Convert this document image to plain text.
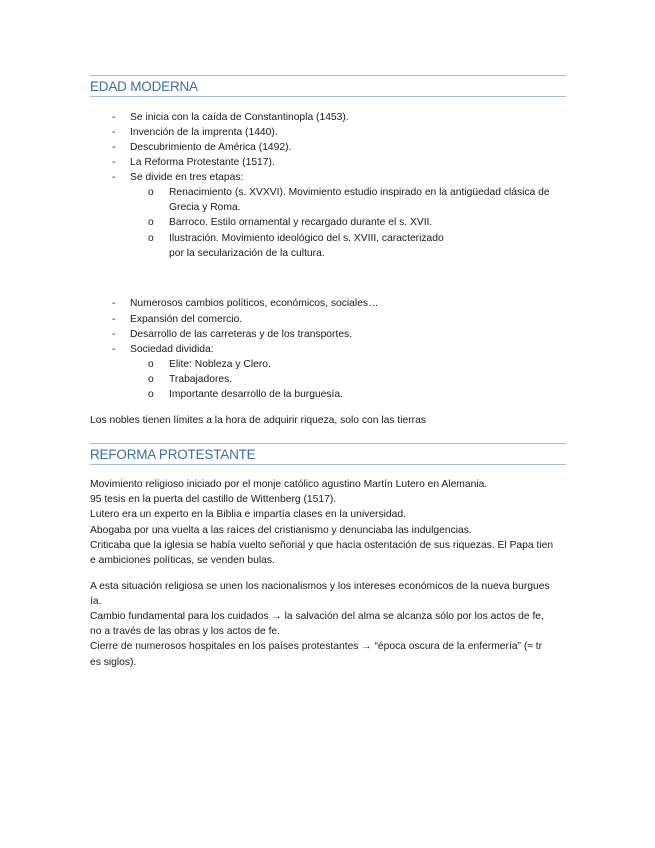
EDAD MODERNA
- Se inicia con la caída de Constantinopla (1453).
- Invención de la imprenta (1440).
- Descubrimiento de América (1492).
- La Reforma Protestante (1517).
- Se divide en tres etapas:
o Renacimiento (s. XVXVI). Movimiento estudio inspirado en la antigüedad clásica de
Grecia y Roma.
o Barroco. Estilo ornamental y recargado durante el s. XVII.
o Ilustración. Movimiento ideológico del s. XVIII, caracterizado
por la secularización de la cultura.
- Numerosos cambios políticos, económicos, sociales…
- Expansión del comercio.
- Desarrollo de las carreteras y de los transportes.
- Sociedad dividida:
o Elite: Nobleza y Clero.
o Trabajadores.
o Importante desarrollo de la burguesía.
Los nobles tienen límites a la hora de adquirir riqueza, solo con las tierras
REFORMA PROTESTANTE
Movimiento religioso iniciado por el monje católico agustino Martín Lutero en Alemania.
95 tesis en la puerta del castillo de Wittenberg (1517).
Lutero era un experto en la Biblia e impartía clases en la universidad.
Abogaba por una vuelta a las raíces del cristianismo y denunciaba las indulgencias.
Criticaba que la iglesia se había vuelto señorial y que hacía ostentación de sus riquezas. El Papa tien
e ambiciones políticas, se venden bulas.
A esta situación religiosa se unen los nacionalismos y los intereses económicos de la nueva burgues
ía.
Cambio fundamental para los cuidados → la salvación del alma se alcanza sólo por los actos de fe,
no a través de las obras y los actos de fe.
Cierre de numerosos hospitales en los países protestantes → “época oscura de la enfermería” (≈ tr
es siglos).
